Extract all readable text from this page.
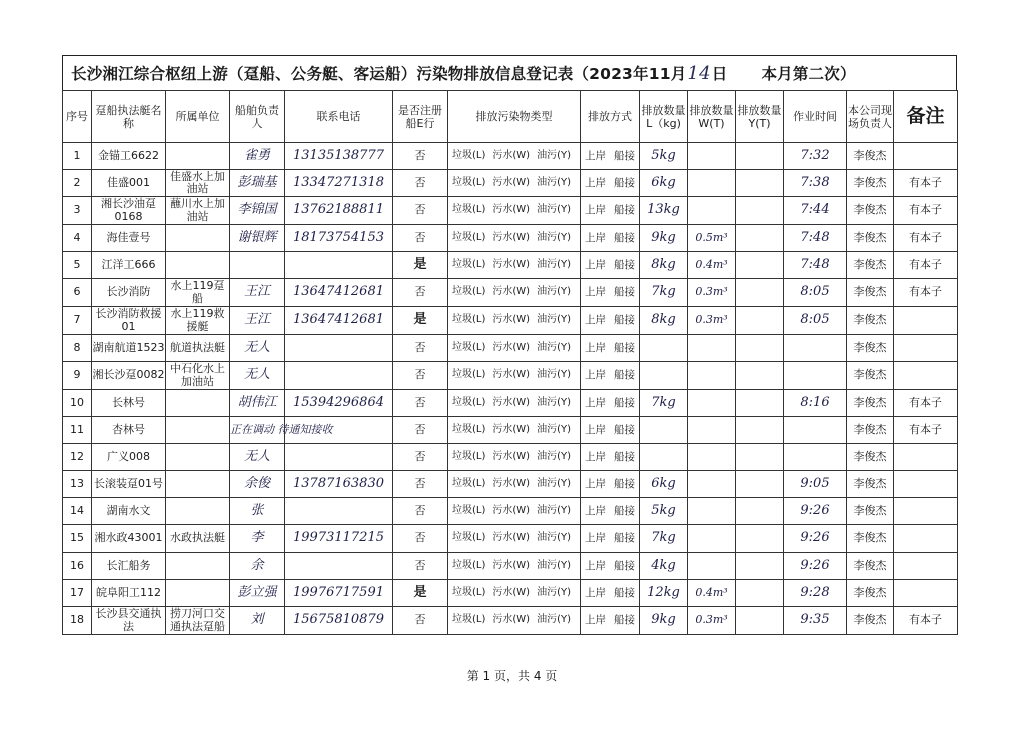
长沙湘江综合枢纽上游（趸船、公务艇、客运船）污染物排放信息登记表（2023年11月 14 日 本月第二次）
序号	趸船执法艇名称	所属单位	船舶负责人	联系电话	是否注册船E行	排放污染物类型	排放方式	排放数量L（kg)	排放数量W(T)	排放数量Y(T)	作业时间	本公司现场负责人	备注
1	金锚工6622		雀勇	13135138777	否	垃圾(L) 污水(W) 油污(Y)	上岸 船接	5kg			7:32	李俊杰	
2	佳盛001	佳盛水上加油站	彭瑞基	13347271318	否	垃圾(L) 污水(W) 油污(Y)	上岸 船接	6kg			7:38	李俊杰	有本子
3	湘长沙油趸0168	蘸川水上加油站	李锦国	13762188811	否	垃圾(L) 污水(W) 油污(Y)	上岸 船接	13kg			7:44	李俊杰	有本子
4	海佳壹号		谢银辉	18173754153	否	垃圾(L) 污水(W) 油污(Y)	上岸 船接	9kg	0.5m³		7:48	李俊杰	有本子
5	江洋工666				是	垃圾(L) 污水(W) 油污(Y)	上岸 船接	8kg	0.4m³		7:48	李俊杰	有本子
6	长沙消防	水上119趸船	王江	13647412681	否	垃圾(L) 污水(W) 油污(Y)	上岸 船接	7kg	0.3m³		8:05	李俊杰	有本子
7	长沙消防救援01	水上119救援艇	王江	13647412681	是	垃圾(L) 污水(W) 油污(Y)	上岸 船接	8kg	0.3m³		8:05	李俊杰	
8	湖南航道1523	航道执法艇	无人		否	垃圾(L) 污水(W) 油污(Y)	上岸 船接					李俊杰	
9	湘长沙趸0082	中石化水上加油站	无人		否	垃圾(L) 污水(W) 油污(Y)	上岸 船接					李俊杰	
10	长林号		胡伟江	15394296864	否	垃圾(L) 污水(W) 油污(Y)	上岸 船接	7kg			8:16	李俊杰	有本子
11	杏林号		正在调动 待通知接收		否	垃圾(L) 污水(W) 油污(Y)	上岸 船接					李俊杰	有本子
12	广义008		无人		否	垃圾(L) 污水(W) 油污(Y)	上岸 船接					李俊杰	
13	长滚装趸01号		余俊	13787163830	否	垃圾(L) 污水(W) 油污(Y)	上岸 船接	6kg			9:05	李俊杰	
14	湖南水文		张		否	垃圾(L) 污水(W) 油污(Y)	上岸 船接	5kg			9:26	李俊杰	
15	湘水政43001	水政执法艇	李	19973117215	否	垃圾(L) 污水(W) 油污(Y)	上岸 船接	7kg			9:26	李俊杰	
16	长汇船务		余		否	垃圾(L) 污水(W) 油污(Y)	上岸 船接	4kg			9:26	李俊杰	
17	皖阜阳工112		彭立强	19976717591	是	垃圾(L) 污水(W) 油污(Y)	上岸 船接	12kg	0.4m³		9:28	李俊杰	
18	长沙县交通执法	捞刀河口交通执法趸船	刘	15675810879	否	垃圾(L) 污水(W) 油污(Y)	上岸 船接	9kg	0.3m³		9:35	李俊杰	有本子
第 1 页，共 4 页
